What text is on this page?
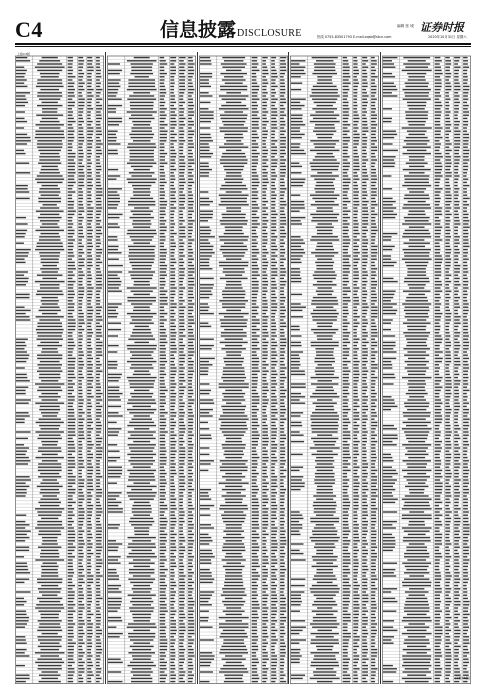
C4	信息披露DISCLOSURE
编辑 张 城
热线 0755-83501793 E-mail:zqsb@stcn.com	2020年10月31日 星期六
证券时报
上接C3版
(下转C5版)
